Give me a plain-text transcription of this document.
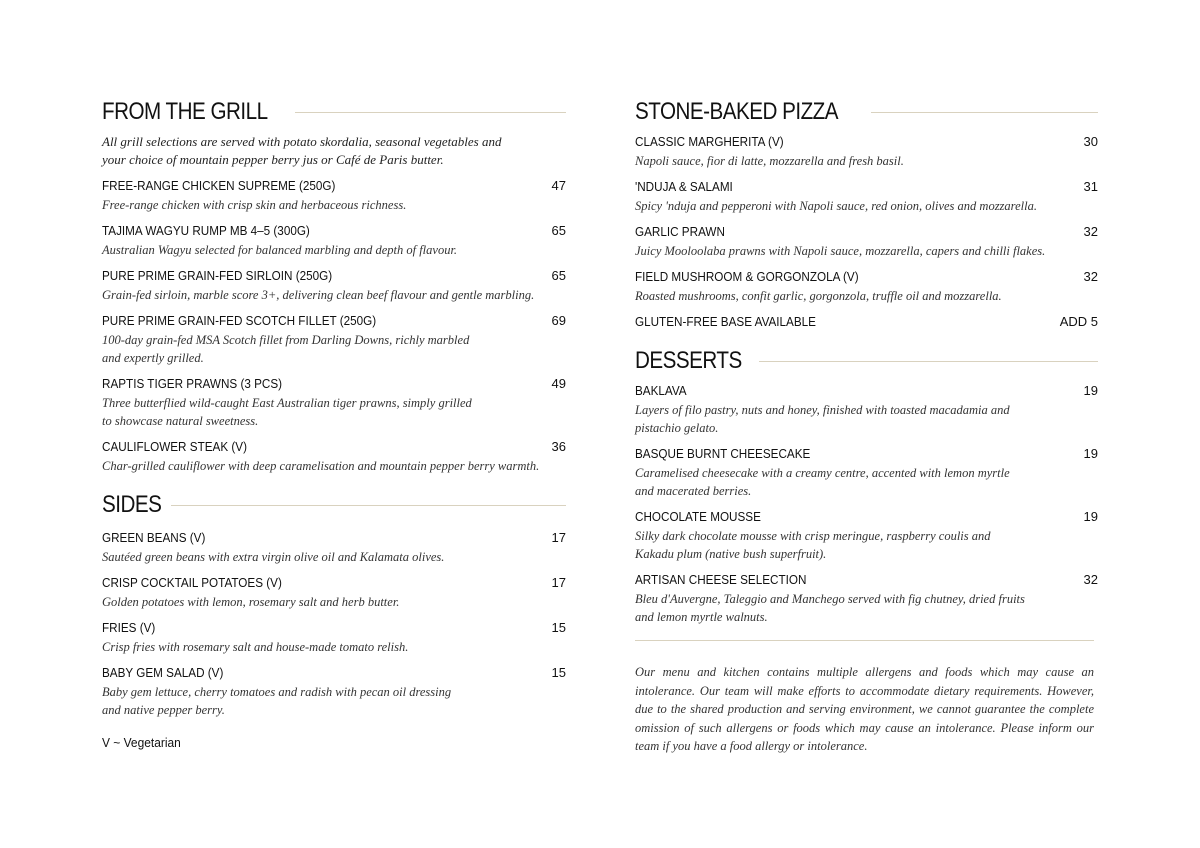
FROM THE GRILL
All grill selections are served with potato skordalia, seasonal vegetables and your choice of mountain pepper berry jus or Café de Paris butter.
FREE-RANGE CHICKEN SUPREME (250G)	47
Free-range chicken with crisp skin and herbaceous richness.
TAJIMA WAGYU RUMP MB 4–5 (300G)	65
Australian Wagyu selected for balanced marbling and depth of flavour.
PURE PRIME GRAIN-FED SIRLOIN (250G)	65
Grain-fed sirloin, marble score 3+, delivering clean beef flavour and gentle marbling.
PURE PRIME GRAIN-FED SCOTCH FILLET (250G)	69
100-day grain-fed MSA Scotch fillet from Darling Downs, richly marbled
and expertly grilled.
RAPTIS TIGER PRAWNS (3 PCS)	49
Three butterflied wild-caught East Australian tiger prawns, simply grilled
to showcase natural sweetness.
CAULIFLOWER STEAK (V)	36
Char-grilled cauliflower with deep caramelisation and mountain pepper berry warmth.
SIDES
GREEN BEANS (V)	17
Sautéed green beans with extra virgin olive oil and Kalamata olives.
CRISP COCKTAIL POTATOES (V)	17
Golden potatoes with lemon, rosemary salt and herb butter.
FRIES (V)	15
Crisp fries with rosemary salt and house-made tomato relish.
BABY GEM SALAD (V)	15
Baby gem lettuce, cherry tomatoes and radish with pecan oil dressing
and native pepper berry.
V ~ Vegetarian
STONE-BAKED PIZZA
CLASSIC MARGHERITA (V)	30
Napoli sauce, fior di latte, mozzarella and fresh basil.
'NDUJA & SALAMI	31
Spicy 'nduja and pepperoni with Napoli sauce, red onion, olives and mozzarella.
GARLIC PRAWN	32
Juicy Mooloolaba prawns with Napoli sauce, mozzarella, capers and chilli flakes.
FIELD MUSHROOM & GORGONZOLA (V)	32
Roasted mushrooms, confit garlic, gorgonzola, truffle oil and mozzarella.
GLUTEN-FREE BASE AVAILABLE	ADD 5
DESSERTS
BAKLAVA	19
Layers of filo pastry, nuts and honey, finished with toasted macadamia and
pistachio gelato.
BASQUE BURNT CHEESECAKE	19
Caramelised cheesecake with a creamy centre, accented with lemon myrtle
and macerated berries.
CHOCOLATE MOUSSE	19
Silky dark chocolate mousse with crisp meringue, raspberry coulis and
Kakadu plum (native bush superfruit).
ARTISAN CHEESE SELECTION	32
Bleu d'Auvergne, Taleggio and Manchego served with fig chutney, dried fruits
and lemon myrtle walnuts.
Our menu and kitchen contains multiple allergens and foods which may cause an intolerance. Our team will make efforts to accommodate dietary requirements. However, due to the shared production and serving environment, we cannot guarantee the complete omission of such allergens or foods which may cause an intolerance. Please inform our team if you have a food allergy or intolerance.
